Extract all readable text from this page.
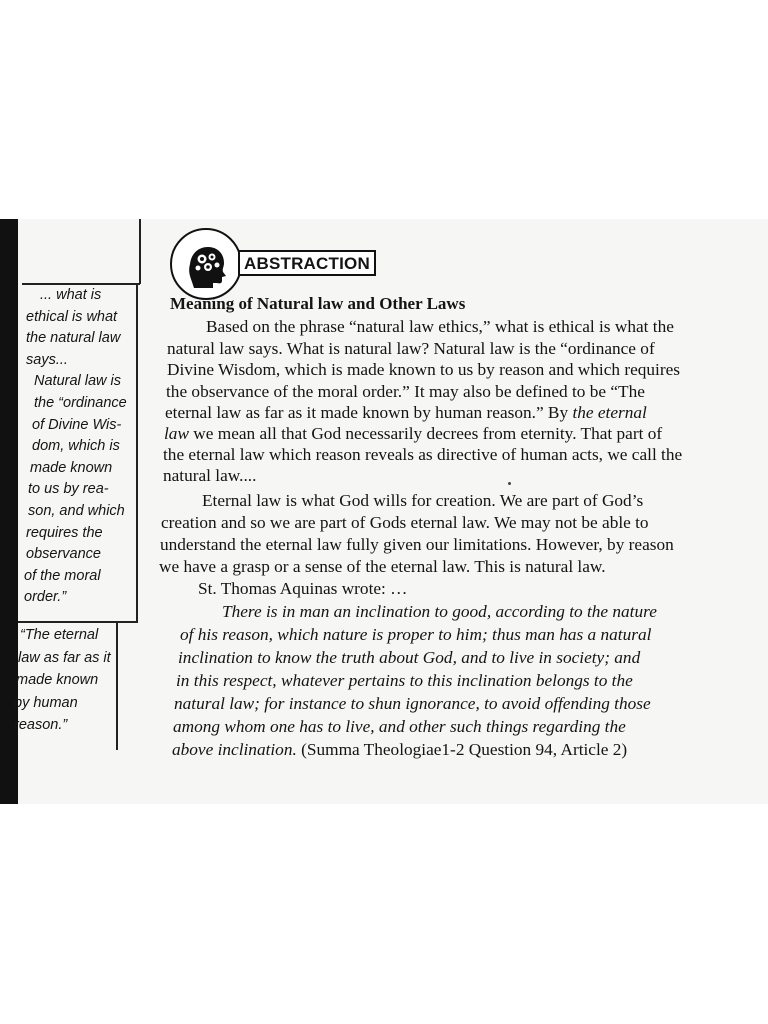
... what is
ethical is what
the natural law
says...
Natural law is
the “ordinance
of Divine Wis-
dom, which is
made known
to us by rea-
son, and which
requires the
observance
of the moral
order.”
“The eternal
law as far as it
made known
by human
reason.”
ABSTRACTION
Meaning of Natural law and Other Laws
Based on the phrase “natural law ethics,” what is ethical is what the
natural law says. What is natural law? Natural law is the “ordinance of
Divine Wisdom, which is made known to us by reason and which requires
the observance of the moral order.” It may also be defined to be “The
eternal law as far as it made known by human reason.” By the eternal
law we mean all that God necessarily decrees from eternity. That part of
the eternal law which reason reveals as directive of human acts, we call the
natural law....
Eternal law is what God wills for creation. We are part of God’s
creation and so we are part of Gods eternal law. We may not be able to
understand the eternal law fully given our limitations. However, by reason
we have a grasp or a sense of the eternal law. This is natural law.
St. Thomas Aquinas wrote: …
There is in man an inclination to good, according to the nature
of his reason, which nature is proper to him; thus man has a natural
inclination to know the truth about God, and to live in society; and
in this respect, whatever pertains to this inclination belongs to the
natural law; for instance to shun ignorance, to avoid offending those
among whom one has to live, and other such things regarding the
above inclination. (Summa Theologiae1-2 Question 94, Article 2)
